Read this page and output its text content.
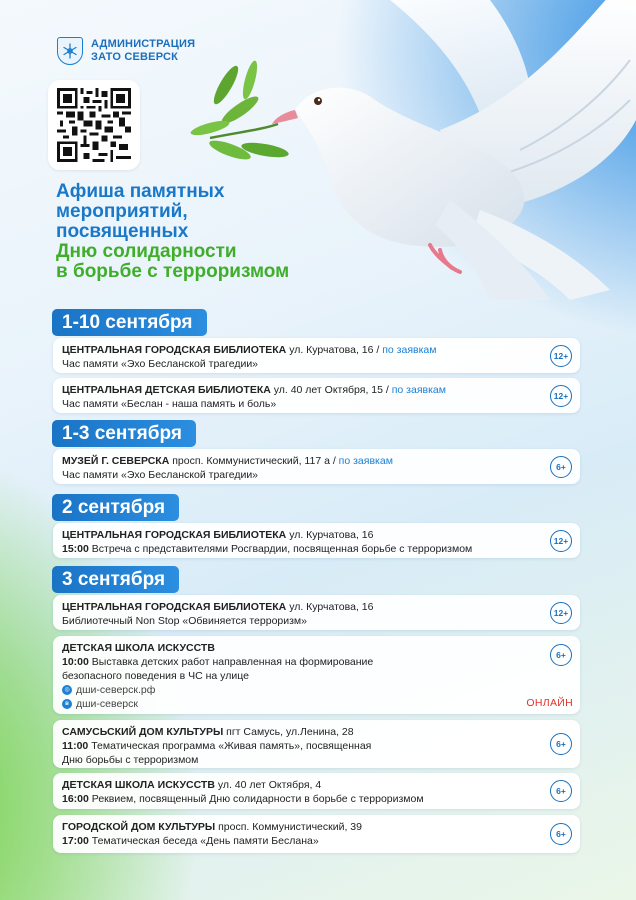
АДМИНИСТРАЦИЯ
ЗАТО СЕВЕРСК
Афиша памятных
мероприятий,
посвященных
Дню солидарности
в борьбе с терроризмом
1-10 сентября
ЦЕНТРАЛЬНАЯ ГОРОДСКАЯ БИБЛИОТЕКА ул. Курчатова, 16 / по заявкам
Час памяти «Эхо Бесланской трагедии»
12+
ЦЕНТРАЛЬНАЯ ДЕТСКАЯ БИБЛИОТЕКА ул. 40 лет Октября, 15 / по заявкам
Час памяти «Беслан - наша память и боль»
12+
1-3 сентября
МУЗЕЙ Г. СЕВЕРСКА просп. Коммунистический, 117 а / по заявкам
Час памяти «Эхо Бесланской трагедии»
6+
2 сентября
ЦЕНТРАЛЬНАЯ ГОРОДСКАЯ БИБЛИОТЕКА ул. Курчатова, 16
15:00 Встреча с представителями Росгвардии, посвященная борьбе с терроризмом
12+
3 сентября
ЦЕНТРАЛЬНАЯ ГОРОДСКАЯ БИБЛИОТЕКА ул. Курчатова, 16
Библиотечный Non Stop «Обвиняется терроризм»
12+
ДЕТСКАЯ ШКОЛА ИСКУССТВ
10:00 Выставка детских работ направленная на формирование
безопасного поведения в ЧС на улице
◎ дши-северск.рф
в дши-северск
6+
ОНЛАЙН
САМУСЬСКИЙ ДОМ КУЛЬТУРЫ пгт Самусь, ул.Ленина, 28
11:00 Тематическая программа «Живая память», посвященная
Дню борьбы с терроризмом
6+
ДЕТСКАЯ ШКОЛА ИСКУССТВ ул. 40 лет Октября, 4
16:00 Реквием, посвященный Дню солидарности в борьбе с терроризмом
6+
ГОРОДСКОЙ ДОМ КУЛЬТУРЫ просп. Коммунистический, 39
17:00 Тематическая беседа «День памяти Беслана»
6+
